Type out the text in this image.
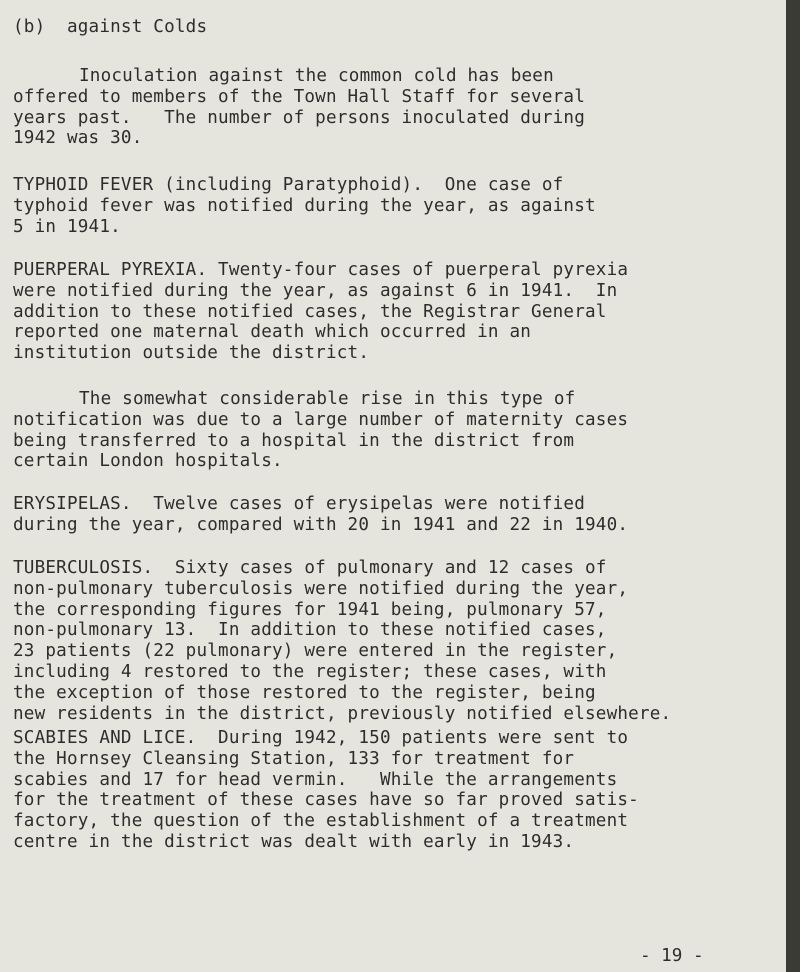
(b)  against Colds

Inoculation against the common cold has been
offered to members of the Town Hall Staff for several
years past.   The number of persons inoculated during
1942 was 30.

TYPHOID FEVER (including Paratyphoid).  One case of
typhoid fever was notified during the year, as against
5 in 1941.

PUERPERAL PYREXIA. Twenty-four cases of puerperal pyrexia
were notified during the year, as against 6 in 1941.  In
addition to these notified cases, the Registrar General
reported one maternal death which occurred in an
institution outside the district.

The somewhat considerable rise in this type of
notification was due to a large number of maternity cases
being transferred to a hospital in the district from
certain London hospitals.

ERYSIPELAS.  Twelve cases of erysipelas were notified
during the year, compared with 20 in 1941 and 22 in 1940.

TUBERCULOSIS.  Sixty cases of pulmonary and 12 cases of
non-pulmonary tuberculosis were notified during the year,
the corresponding figures for 1941 being, pulmonary 57,
non-pulmonary 13.  In addition to these notified cases,
23 patients (22 pulmonary) were entered in the register,
including 4 restored to the register; these cases, with
the exception of those restored to the register, being
new residents in the district, previously notified elsewhere.

SCABIES AND LICE.  During 1942, 150 patients were sent to
the Hornsey Cleansing Station, 133 for treatment for
scabies and 17 for head vermin.   While the arrangements
for the treatment of these cases have so far proved satis-
factory, the question of the establishment of a treatment
centre in the district was dealt with early in 1943.

- 19 -
